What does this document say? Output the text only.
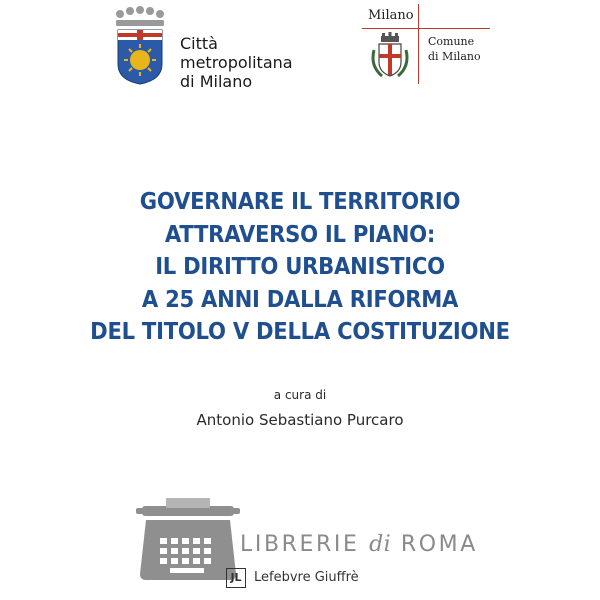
Città
metropolitana
di Milano
Milano
Comune
di Milano
GOVERNARE IL TERRITORIO
ATTRAVERSO IL PIANO:
IL DIRITTO URBANISTICO
A 25 ANNI DALLA RIFORMA
DEL TITOLO V DELLA COSTITUZIONE
a cura di
Antonio Sebastiano Purcaro
LIBRERIE di ROMA
JL Lefebvre Giuffrè
